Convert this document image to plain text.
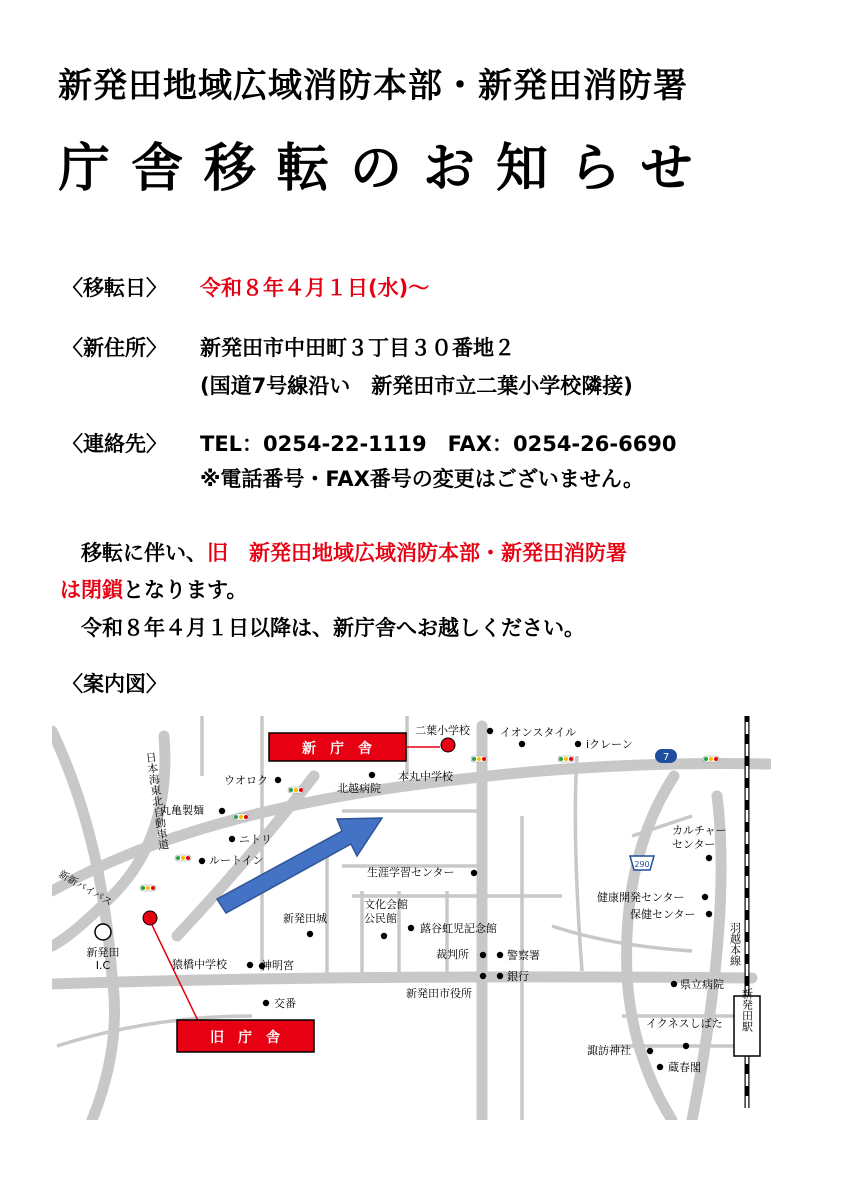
新発田地域広域消防本部・新発田消防署
庁舎移転のお知らせ
〈移転日〉 令和８年４月１日(水)～
〈新住所〉 新発田市中田町３丁目３０番地２
(国道7号線沿い　新発田市立二葉小学校隣接)
〈連絡先〉 TEL：0254-22-1119　FAX：0254-26-6690
※電話番号・FAX番号の変更はございません。
　移転に伴い、旧　新発田地域広域消防本部・新発田消防署
は閉鎖となります。
　令和８年４月１日以降は、新庁舎へお越しください。
〈案内図〉
新発田駅
羽越本線
日本海東北自動車道
新新バイパス
新　庁　舎
旧　庁　舎
新発田 I.C
7
290
二葉小学校	イオンスタイル
iクレーン
ウオロク	本丸中学校
北越病院
丸亀製麺
ニトリ
ルートイン
カルチャーセンター
生涯学習センター
健康開発センター
保健センター
新発田城
文化会館公民館
蕗谷虹児記念館
裁判所	警察署
銀行
新発田市役所
猿橋中学校	神明宮
交番
県立病院
イクネスしばた
諏訪神社
蔵春閣
